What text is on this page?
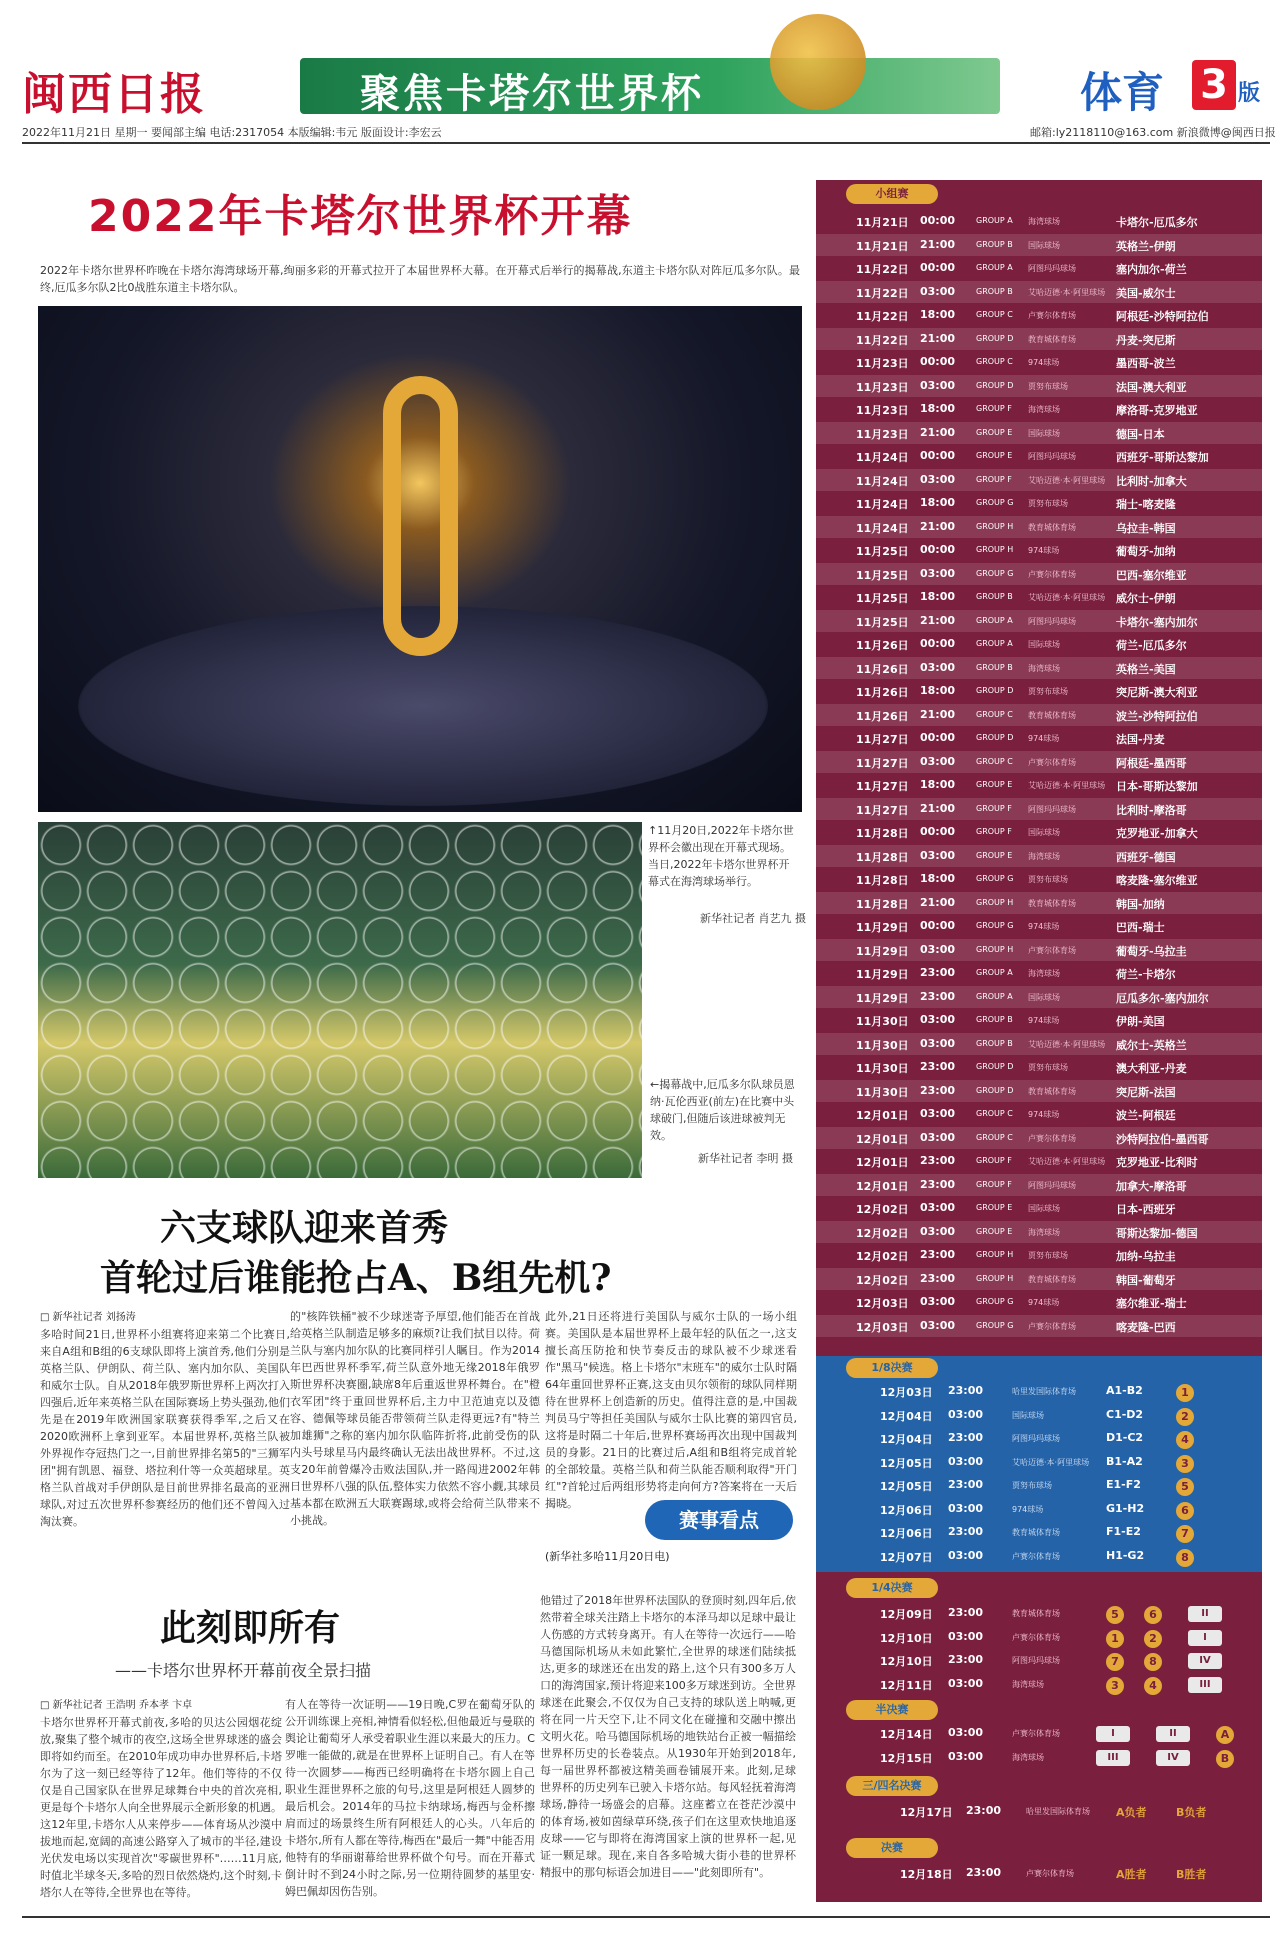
闽西日报	聚焦卡塔尔世界杯	体育 3 版
2022年11月21日 星期一 要闻部主编 电话:2317054 本版编辑:韦元 版面设计:李宏云	邮箱:ly2118110@163.com 新浪微博@闽西日报
2022年卡塔尔世界杯开幕
2022年卡塔尔世界杯昨晚在卡塔尔海湾球场开幕,绚丽多彩的开幕式拉开了本届世界杯大幕。在开幕式后举行的揭幕战,东道主卡塔尔队对阵厄瓜多尔队。最终,厄瓜多尔队2比0战胜东道主卡塔尔队。
↑11月20日,2022年卡塔尔世界杯会徽出现在开幕式现场。当日,2022年卡塔尔世界杯开幕式在海湾球场举行。
新华社记者 肖艺九 摄
←揭幕战中,厄瓜多尔队球员恩纳·瓦伦西亚(前左)在比赛中头球破门,但随后该进球被判无效。
新华社记者 李明 摄
六支球队迎来首秀
首轮过后谁能抢占A、B组先机?
□ 新华社记者 刘扬涛
多哈时间21日,世界杯小组赛将迎来第二个比赛日,来自A组和B组的6支球队即将上演首秀,他们分别是英格兰队、伊朗队、荷兰队、塞内加尔队、美国队和威尔士队。自从2018年俄罗斯世界杯上两次打入四强后,近年来英格兰队在国际赛场上势头强劲,他们先是在2019年欧洲国家联赛获得季军,之后又在2020欧洲杯上拿到亚军。本届世界杯,英格兰队被外界视作夺冠热门之一,目前世界排名第5的"三狮军团"拥有凯恩、福登、塔拉利什等一众英超球星。英格兰队首战对手伊朗队是目前世界排名最高的亚洲球队,对过五次世界杯参赛经历的他们还不曾闯入过淘汰赛。
的"核阵铁桶"被不少球迷寄予厚望,他们能否在首战给英格兰队制造足够多的麻烦?让我们拭目以待。荷兰队与塞内加尔队的比赛同样引人瞩目。作为2014年巴西世界杯季军,荷兰队意外地无缘2018年俄罗斯世界杯决赛圈,缺席8年后重返世界杯舞台。在"橙衣军团"终于重回世界杯后,主力中卫范迪克以及德容、德佩等球员能否带领荷兰队走得更远?有"特兰加雄狮"之称的塞内加尔队临阵折将,此前受伤的队内头号球星马内最终确认无法出战世界杯。不过,这支20年前曾爆冷击败法国队,并一路闯进2002年韩日世界杯八强的队伍,整体实力依然不容小觑,其球员基本都在欧洲五大联赛踢球,或将会给荷兰队带来不小挑战。
此外,21日还将进行美国队与威尔士队的一场小组赛。美国队是本届世界杯上最年轻的队伍之一,这支擅长高压防抢和快节奏反击的球队被不少球迷看作"黑马"候选。格上卡塔尔"末班车"的威尔士队时隔64年重回世界杯正赛,这支由贝尔领衔的球队同样期待在世界杯上创造新的历史。值得注意的是,中国裁判员马宁等担任美国队与威尔士队比赛的第四官员,这将是时隔二十年后,世界杯赛场再次出现中国裁判员的身影。21日的比赛过后,A组和B组将完成首轮的全部较量。英格兰队和荷兰队能否顺利取得"开门红"?首轮过后两组形势将走向何方?答案将在一天后揭晓。
赛事看点
(新华社多哈11月20日电)
此刻即所有
——卡塔尔世界杯开幕前夜全景扫描
□ 新华社记者 王浩明 乔本孝 卞卓
卡塔尔世界杯开幕式前夜,多哈的贝达公园烟花绽放,聚集了整个城市的夜空,这场全世界球迷的盛会即将如约而至。在2010年成功申办世界杯后,卡塔尔为了这一刻已经等待了12年。他们等待的不仅仅是自己国家队在世界足球舞台中央的首次亮相,更是每个卡塔尔人向全世界展示全新形象的机遇。这12年里,卡塔尔人从来停步——体育场从沙漠中拔地而起,宽阔的高速公路穿入了城市的半径,建设光伏发电场以实现首次"零碳世界杯"……11月底,时值北半球冬天,多哈的烈日依然烧灼,这个时刻,卡塔尔人在等待,全世界也在等待。
有人在等待一次证明——19日晚,C罗在葡萄牙队的公开训练课上亮相,神情看似轻松,但他最近与曼联的舆论让葡萄牙人承受着职业生涯以来最大的压力。C罗唯一能做的,就是在世界杯上证明自己。有人在等待一次圆梦——梅西已经明确将在卡塔尔圆上自己职业生涯世界杯之旅的句号,这里是阿根廷人圆梦的最后机会。2014年的马拉卡纳球场,梅西与金杯擦肩而过的场景终生所有阿根廷人的心头。八年后的卡塔尔,所有人都在等待,梅西在"最后一舞"中能否用他特有的华丽谢幕给世界杯做个句号。而在开幕式倒计时不到24小时之际,另一位期待圆梦的基里安·姆巴佩却因伤告别。
他错过了2018年世界杯法国队的登顶时刻,四年后,依然带着全球关注踏上卡塔尔的本泽马却以足球中最让人伤感的方式转身离开。有人在等待一次远行——哈马德国际机场从未如此繁忙,全世界的球迷们陆续抵达,更多的球迷还在出发的路上,这个只有300多万人口的海湾国家,预计将迎来100多万球迷到访。全世界球迷在此聚会,不仅仅为自己支持的球队送上呐喊,更将在同一片天空下,让不同文化在碰撞和交融中擦出文明火花。哈马德国际机场的地铁站台正被一幅描绘世界杯历史的长卷装点。从1930年开始到2018年,每一届世界杯都被这精美画卷铺展开来。此刻,足球世界杯的历史列车已驶入卡塔尔站。每风轻抚着海湾球场,静待一场盛会的启幕。这座蓄立在苍茫沙漠中的体育场,被如茵绿草环绕,孩子们在这里欢快地追逐皮球——它与即将在海湾国家上演的世界杯一起,见证一颗足球。现在,来自各多哈城大街小巷的世界杯精报中的那句标语会加进目——"此刻即所有"。
小组赛
11月21日 00:00	GROUP A 海湾球场	卡塔尔-厄瓜多尔
11月21日 21:00	GROUP B 国际球场	英格兰-伊朗
11月22日 00:00	GROUP A 阿图玛玛球场	塞内加尔-荷兰
11月22日 03:00	GROUP B 艾哈迈德·本·阿里球场 美国-威尔士
11月22日 18:00	GROUP C 卢赛尔体育场	阿根廷-沙特阿拉伯
11月22日 21:00	GROUP D 教育城体育场	丹麦-突尼斯
11月23日 00:00	GROUP C 974球场	墨西哥-波兰
11月23日 03:00	GROUP D 贾努布球场	法国-澳大利亚
11月23日 18:00	GROUP F 海湾球场	摩洛哥-克罗地亚
11月23日 21:00	GROUP E 国际球场	德国-日本
11月24日 00:00	GROUP E 阿图玛玛球场	西班牙-哥斯达黎加
11月24日 03:00	GROUP F 艾哈迈德·本·阿里球场 比利时-加拿大
11月24日 18:00	GROUP G 贾努布球场	瑞士-喀麦隆
11月24日 21:00	GROUP H 教育城体育场	乌拉圭-韩国
11月25日 00:00	GROUP H 974球场	葡萄牙-加纳
11月25日 03:00	GROUP G 卢赛尔体育场	巴西-塞尔维亚
11月25日 18:00	GROUP B 艾哈迈德·本·阿里球场 威尔士-伊朗
11月25日 21:00	GROUP A 阿图玛玛球场	卡塔尔-塞内加尔
11月26日 00:00	GROUP A 国际球场	荷兰-厄瓜多尔
11月26日 03:00	GROUP B 海湾球场	英格兰-美国
11月26日 18:00	GROUP D 贾努布球场	突尼斯-澳大利亚
11月26日 21:00	GROUP C 教育城体育场	波兰-沙特阿拉伯
11月27日 00:00	GROUP D 974球场	法国-丹麦
11月27日 03:00	GROUP C 卢赛尔体育场	阿根廷-墨西哥
11月27日 18:00	GROUP E 艾哈迈德·本·阿里球场 日本-哥斯达黎加
11月27日 21:00	GROUP F 阿图玛玛球场	比利时-摩洛哥
11月28日 00:00	GROUP F 国际球场	克罗地亚-加拿大
11月28日 03:00	GROUP E 海湾球场	西班牙-德国
11月28日 18:00	GROUP G 贾努布球场	喀麦隆-塞尔维亚
11月28日 21:00	GROUP H 教育城体育场	韩国-加纳
11月29日 00:00	GROUP G 974球场	巴西-瑞士
11月29日 03:00	GROUP H 卢赛尔体育场	葡萄牙-乌拉圭
11月29日 23:00	GROUP A 海湾球场	荷兰-卡塔尔
11月29日 23:00	GROUP A 国际球场	厄瓜多尔-塞内加尔
11月30日 03:00	GROUP B 974球场	伊朗-美国
11月30日 03:00	GROUP B 艾哈迈德·本·阿里球场 威尔士-英格兰
11月30日 23:00	GROUP D 贾努布球场	澳大利亚-丹麦
11月30日 23:00	GROUP D 教育城体育场	突尼斯-法国
12月01日 03:00	GROUP C 974球场	波兰-阿根廷
12月01日 03:00	GROUP C 卢赛尔体育场	沙特阿拉伯-墨西哥
12月01日 23:00	GROUP F 艾哈迈德·本·阿里球场 克罗地亚-比利时
12月01日 23:00	GROUP F 阿图玛玛球场	加拿大-摩洛哥
12月02日 03:00	GROUP E 国际球场	日本-西班牙
12月02日 03:00	GROUP E 海湾球场	哥斯达黎加-德国
12月02日 23:00	GROUP H 贾努布球场	加纳-乌拉圭
12月02日 23:00	GROUP H 教育城体育场	韩国-葡萄牙
12月03日 03:00	GROUP G 974球场	塞尔维亚-瑞士
12月03日 03:00	GROUP G 卢赛尔体育场	喀麦隆-巴西
1/8决赛
12月03日 23:00	哈里发国际体育场	A1-B2	1
12月04日 03:00	国际球场	C1-D2	2
12月04日 23:00	阿图玛玛球场	D1-C2	4
12月05日 03:00	艾哈迈德·本·阿里球场 B1-A2	3
12月05日 23:00	贾努布球场	E1-F2	5
12月06日 03:00	974球场	G1-H2	6
12月06日 23:00	教育城体育场	F1-E2	7
12月07日 03:00	卢赛尔体育场	H1-G2	8
1/4决赛
12月09日 23:00	教育城体育场	5	6	II
12月10日 03:00	卢赛尔体育场	1	2	I
12月10日 23:00	阿图玛玛球场	7	8	IV
12月11日 03:00	海湾球场	3	4	III
半决赛
12月14日 03:00	卢赛尔体育场	I	II	A
12月15日 03:00	海湾球场	III	IV	B
三/四名决赛
12月17日 23:00	哈里发国际体育场 A负者	B负者
决赛
12月18日 23:00	卢赛尔体育场	A胜者	B胜者
